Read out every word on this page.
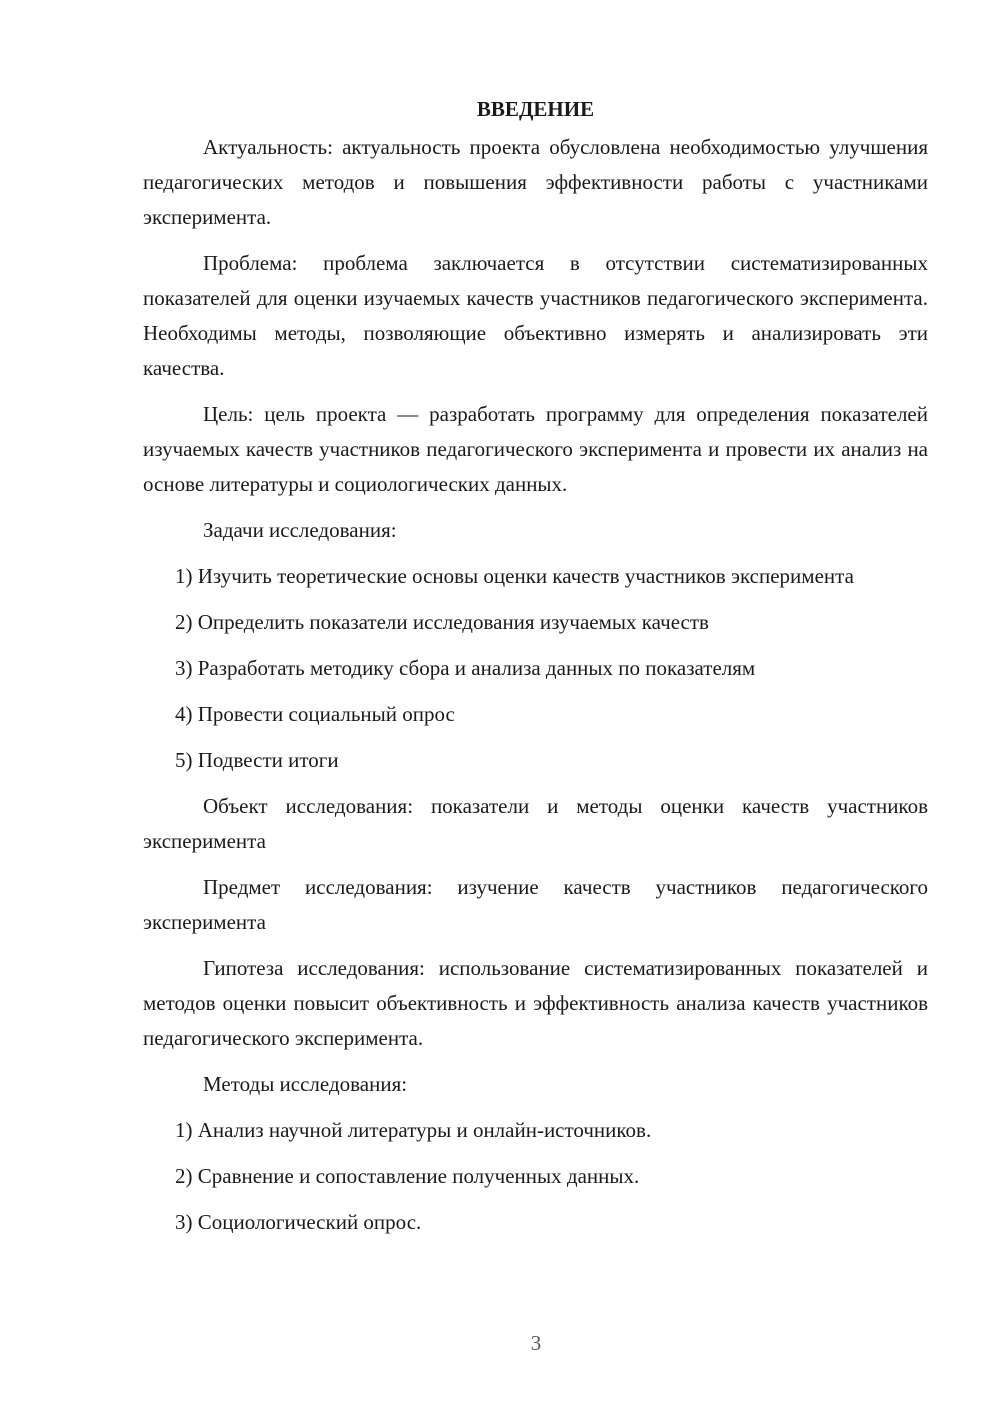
ВВЕДЕНИЕ

Актуальность: актуальность проекта обусловлена необходимостью улучшения педагогических методов и повышения эффективности работы с участниками эксперимента.

Проблема: проблема заключается в отсутствии систематизированных показателей для оценки изучаемых качеств участников педагогического эксперимента. Необходимы методы, позволяющие объективно измерять и анализировать эти качества.

Цель: цель проекта — разработать программу для определения показателей изучаемых качеств участников педагогического эксперимента и провести их анализ на основе литературы и социологических данных.

Задачи исследования:

1) Изучить теоретические основы оценки качеств участников эксперимента

2) Определить показатели исследования изучаемых качеств

3) Разработать методику сбора и анализа данных по показателям

4) Провести социальный опрос

5) Подвести итоги

Объект исследования: показатели и методы оценки качеств участников эксперимента

Предмет исследования: изучение качеств участников педагогического эксперимента

Гипотеза исследования: использование систематизированных показателей и методов оценки повысит объективность и эффективность анализа качеств участников педагогического эксперимента.

Методы исследования:

1) Анализ научной литературы и онлайн-источников.

2) Сравнение и сопоставление полученных данных.

3) Социологический опрос.

3
